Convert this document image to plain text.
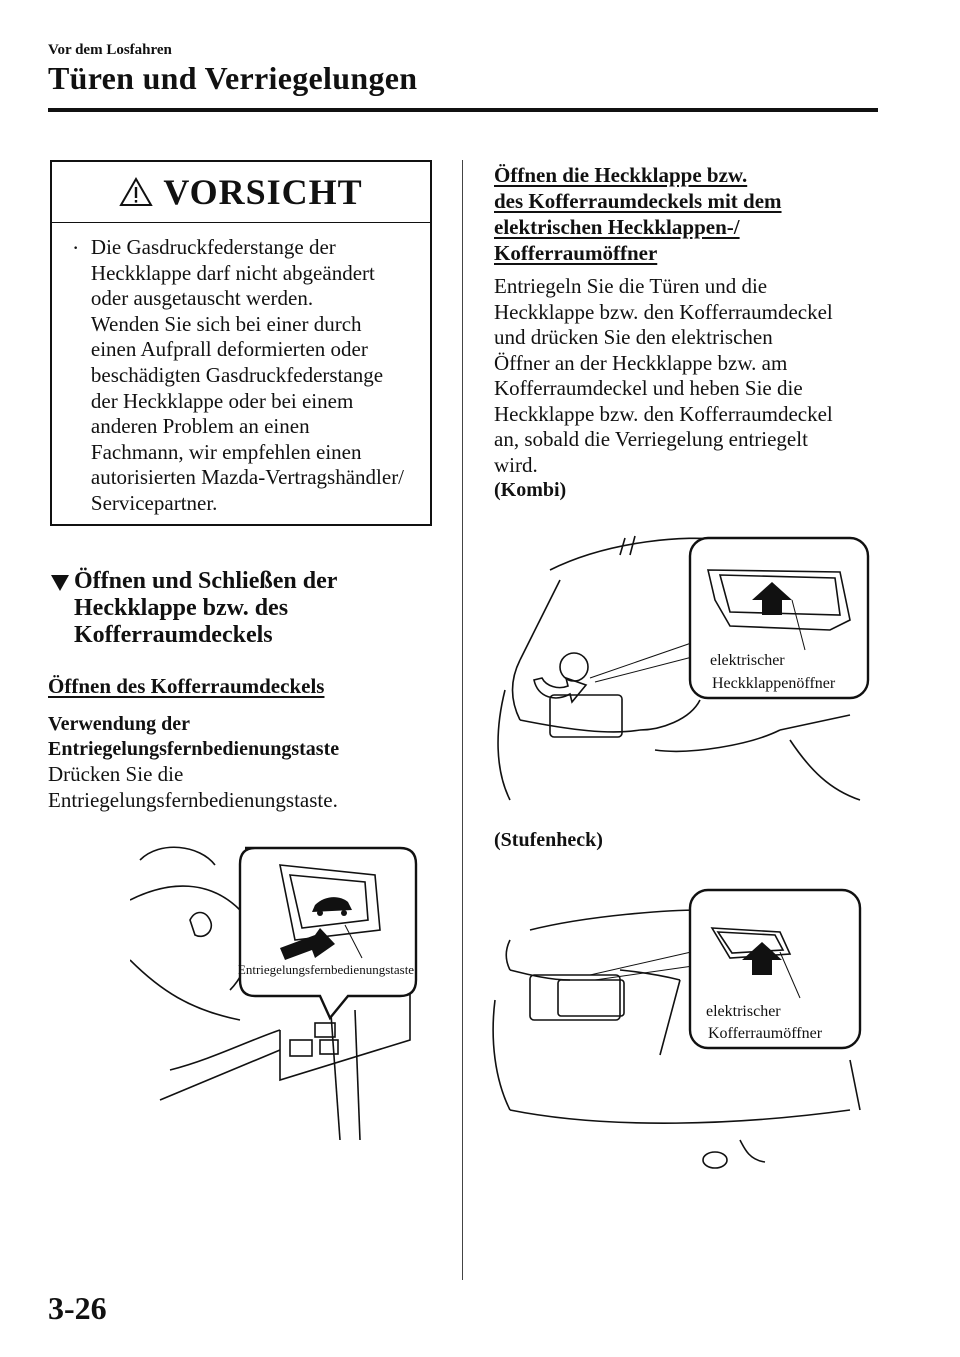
Vor dem Losfahren
Türen und Verriegelungen
VORSICHT
· Die Gasdruckfederstange der
Heckklappe darf nicht abgeändert
oder ausgetauscht werden.
Wenden Sie sich bei einer durch
einen Aufprall deformierten oder
beschädigten Gasdruckfederstange
der Heckklappe oder bei einem
anderen Problem an einen
Fachmann, wir empfehlen einen
autorisierten Mazda-Vertragshändler/
Servicepartner.
Öffnen und Schließen der
Heckklappe bzw. des
Kofferraumdeckels
Öffnen des Kofferraumdeckels
Verwendung der
Entriegelungsfernbedienungstaste
Drücken Sie die
Entriegelungsfernbedienungstaste.
Entriegelungsfernbedienungstaste
Öffnen die Heckklappe bzw.
des Kofferraumdeckels mit dem
elektrischen Heckklappen-/
Kofferraumöffner
Entriegeln Sie die Türen und die
Heckklappe bzw. den Kofferraumdeckel
und drücken Sie den elektrischen
Öffner an der Heckklappe bzw. am
Kofferraumdeckel und heben Sie die
Heckklappe bzw. den Kofferraumdeckel
an, sobald die Verriegelung entriegelt
wird.
(Kombi)
elektrischer
Heckklappenöffner
(Stufenheck)
elektrischer
Kofferraumöffner
3-26
